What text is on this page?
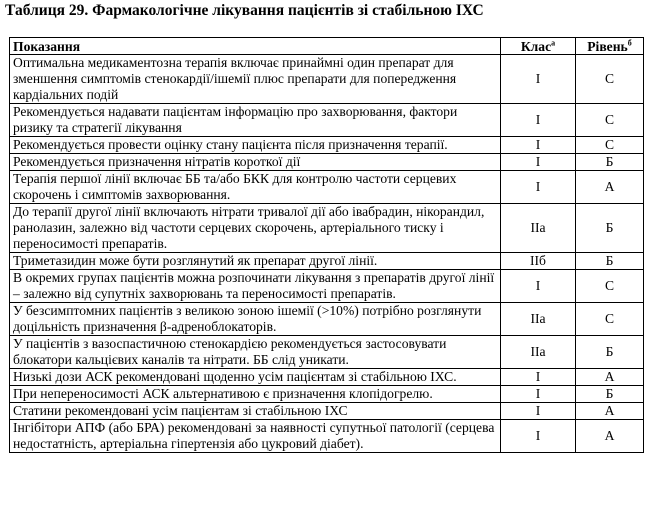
Таблиця 29. Фармакологічне лікування пацієнтів зі стабільною ІХС
Показання	Клас$^а$	Рівень$^б$
Оптимальна медикаментозна терапія включає принаймні один препарат для зменшення симптомів стенокардії/ішемії плюс препарати для попередження кардіальних подій	I	C
Рекомендується надавати пацієнтам інформацію про захворювання, фактори ризику та стратегії лікування	I	C
Рекомендується провести оцінку стану пацієнта після призначення терапії.	I	C
Рекомендується призначення нітратів короткої дії	I	Б
Терапія першої лінії включає ББ та/або БКК для контролю частоти серцевих скорочень і симптомів захворювання.	I	A
До терапії другої лінії включають нітрати тривалої дії або івабрадин, нікорандил, ранолазин, залежно від частоти серцевих скорочень, артеріального тиску і переносимості препаратів.	IIa	Б
Триметазидин може бути розглянутий як препарат другої лінії.	IIб	Б
В окремих групах пацієнтів можна розпочинати лікування з препаратів другої лінії – залежно від супутніх захворювань та переносимості препаратів.	I	C
У безсимптомних пацієнтів з великою зоною ішемії (>10%) потрібно розглянути доцільність призначення β-адреноблокаторів.	IIa	C
У пацієнтів з вазоспастичною стенокардією рекомендується застосовувати блокатори кальцієвих каналів та нітрати. ББ слід уникати.	IIa	Б
Низькі дози АСК рекомендовані щоденно усім пацієнтам зі стабільною ІХС.	I	A
При непереносимості АСК альтернативою є призначення клопідогрелю.	I	Б
Статини рекомендовані усім пацієнтам зі стабільною ІХС	I	A
Інгібітори АПФ (або БРА) рекомендовані за наявності супутньої патології (серцева недостатність, артеріальна гіпертензія або цукровий діабет).	I	A
